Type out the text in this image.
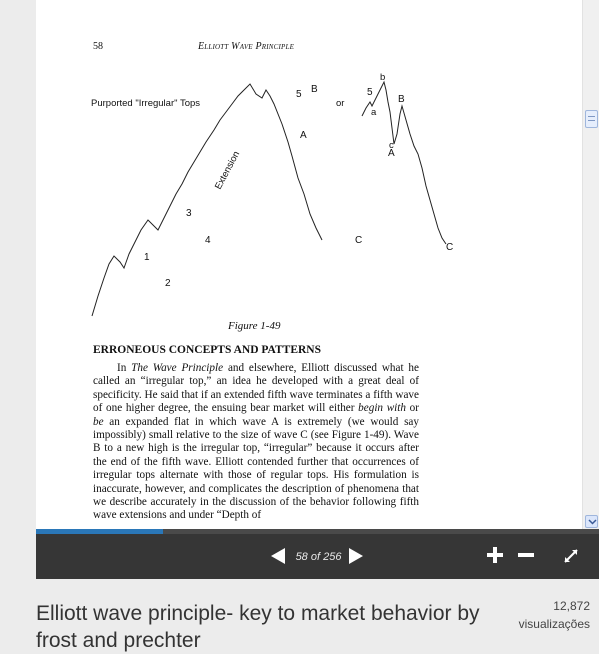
58	Elliott Wave Principle
Purported "Irregular" Tops	or
1
2
3
4
5
A
B
C
Extension
5
a
b
c
A
B
C
Figure 1-49
ERRONEOUS CONCEPTS AND PATTERNS
In The Wave Principle and elsewhere, Elliott discussed what he called an “irregular top,” an idea he developed with a great deal of specificity. He said that if an extended fifth wave terminates a fifth wave of one higher degree, the ensuing bear market will either begin with or be an expanded flat in which wave A is extremely (we would say impossibly) small relative to the size of wave C (see Figure 1-49). Wave B to a new high is the irregular top, “irregular” because it occurs after the end of the fifth wave. Elliott contended further that occurrences of irregular tops alternate with those of regular tops. His formulation is inaccurate, however, and complicates the description of phenomena that we describe accurately in the discussion of the behavior following fifth wave extensions and under “Depth of
58 of 256
Elliott wave principle- key to market behavior by frost and prechter
12,872
visualizações
